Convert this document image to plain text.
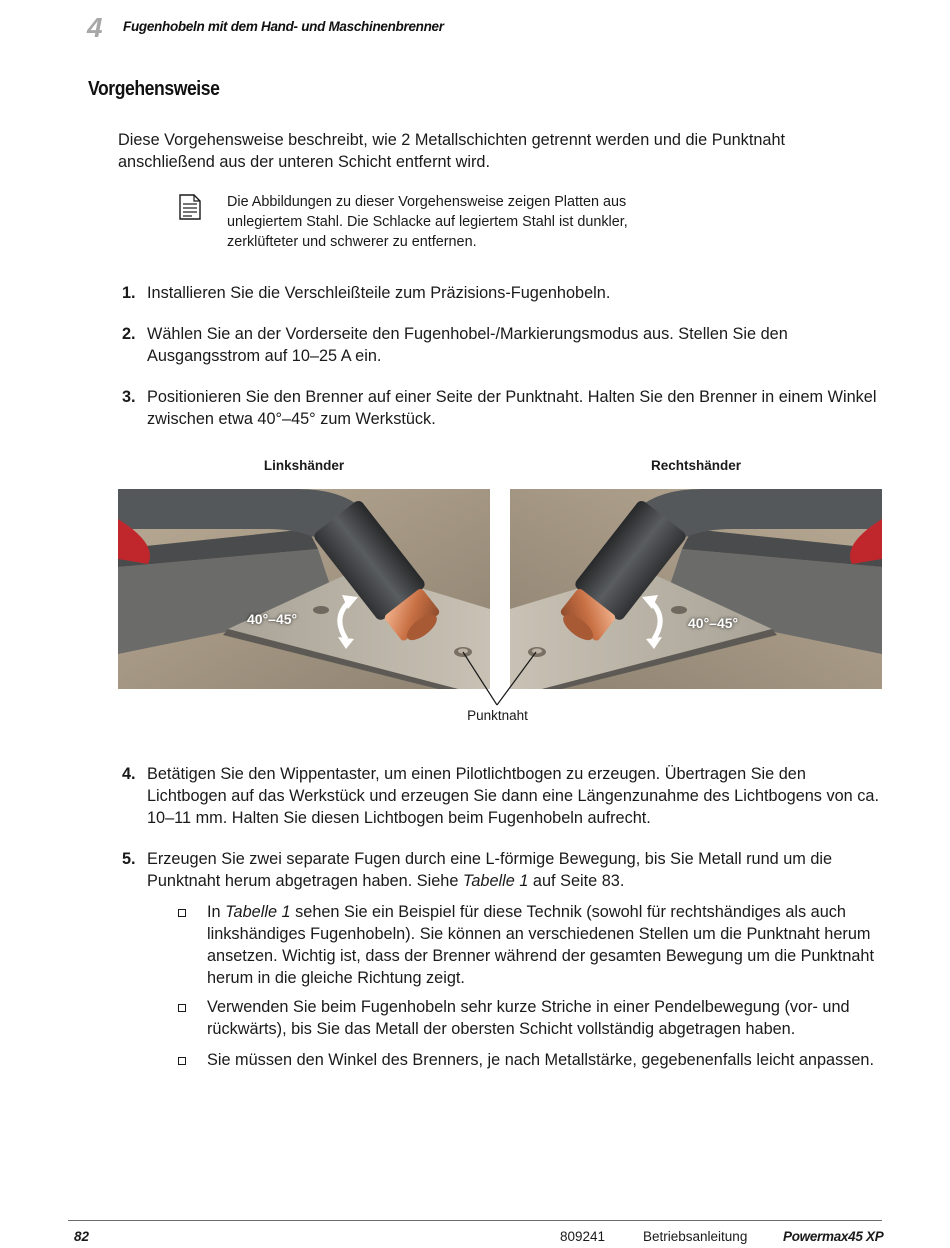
4 Fugenhobeln mit dem Hand- und Maschinenbrenner
Vorgehensweise

Diese Vorgehensweise beschreibt, wie 2 Metallschichten getrennt werden und die Punktnaht anschließend aus der unteren Schicht entfernt wird.

Die Abbildungen zu dieser Vorgehensweise zeigen Platten aus unlegiertem Stahl. Die Schlacke auf legiertem Stahl ist dunkler, zerklüfteter und schwerer zu entfernen.

1. Installieren Sie die Verschleißteile zum Präzisions-Fugenhobeln.
2. Wählen Sie an der Vorderseite den Fugenhobel-/Markierungsmodus aus. Stellen Sie den Ausgangsstrom auf 10–25 A ein.
3. Positionieren Sie den Brenner auf einer Seite der Punktnaht. Halten Sie den Brenner in einem Winkel zwischen etwa 40°–45° zum Werkstück.
Linkshänder	Rechtshänder
40°–45°	40°–45°
Punktnaht
4. Betätigen Sie den Wippentaster, um einen Pilotlichtbogen zu erzeugen. Übertragen Sie den Lichtbogen auf das Werkstück und erzeugen Sie dann eine Längenzunahme des Lichtbogens von ca. 10–11 mm. Halten Sie diesen Lichtbogen beim Fugenhobeln aufrecht.
5. Erzeugen Sie zwei separate Fugen durch eine L-förmige Bewegung, bis Sie Metall rund um die Punktnaht herum abgetragen haben. Siehe Tabelle 1 auf Seite 83.
In Tabelle 1 sehen Sie ein Beispiel für diese Technik (sowohl für rechtshändiges als auch linkshändiges Fugenhobeln). Sie können an verschiedenen Stellen um die Punktnaht herum ansetzen. Wichtig ist, dass der Brenner während der gesamten Bewegung um die Punktnaht herum in die gleiche Richtung zeigt.
Verwenden Sie beim Fugenhobeln sehr kurze Striche in einer Pendelbewegung (vor- und rückwärts), bis Sie das Metall der obersten Schicht vollständig abgetragen haben.
Sie müssen den Winkel des Brenners, je nach Metallstärke, gegebenenfalls leicht anpassen.
82	809241	Betriebsanleitung	Powermax45 XP
